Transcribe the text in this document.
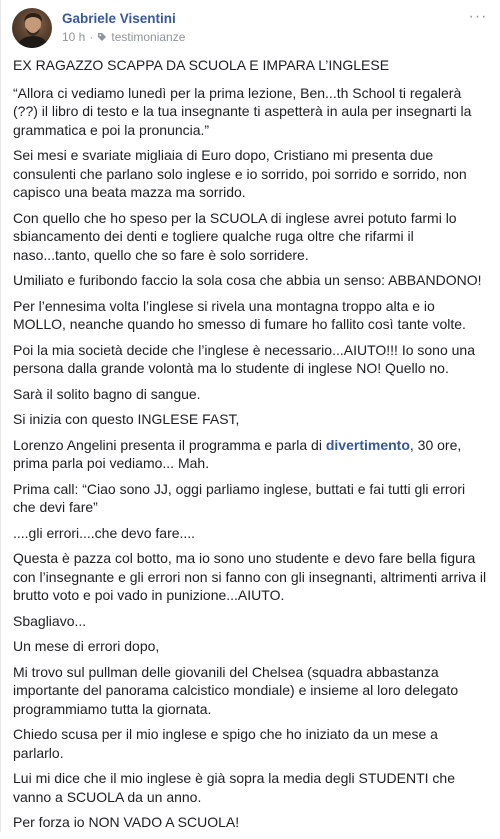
Gabriele Visentini
10 h · testimonianze
···

EX RAGAZZO SCAPPA DA SCUOLA E IMPARA L’INGLESE

“Allora ci vediamo lunedì per la prima lezione, Ben...th School ti regalerà (??) il libro di testo e la tua insegnante ti aspetterà in aula per insegnarti la grammatica e poi la pronuncia.”

Sei mesi e svariate migliaia di Euro dopo, Cristiano mi presenta due consulenti che parlano solo inglese e io sorrido, poi sorrido e sorrido, non capisco una beata mazza ma sorrido.

Con quello che ho speso per la SCUOLA di inglese avrei potuto farmi lo sbiancamento dei denti e togliere qualche ruga oltre che rifarmi il naso...tanto, quello che so fare è solo sorridere.

Umiliato e furibondo faccio la sola cosa che abbia un senso: ABBANDONO!

Per l’ennesima volta l’inglese si rivela una montagna troppo alta e io MOLLO, neanche quando ho smesso di fumare ho fallito così tante volte.

Poi la mia società decide che l’inglese è necessario...AIUTO!!! Io sono una persona dalla grande volontà ma lo studente di inglese NO! Quello no.

Sarà il solito bagno di sangue.

Si inizia con questo INGLESE FAST,

Lorenzo Angelini presenta il programma e parla di divertimento, 30 ore, prima parla poi vediamo... Mah.

Prima call: “Ciao sono JJ, oggi parliamo inglese, buttati e fai tutti gli errori che devi fare”

....gli errori....che devo fare....

Questa è pazza col botto, ma io sono uno studente e devo fare bella figura con l’insegnante e gli errori non si fanno con gli insegnanti, altrimenti arriva il brutto voto e poi vado in punizione...AIUTO.

Sbagliavo...

Un mese di errori dopo,

Mi trovo sul pullman delle giovanili del Chelsea (squadra abbastanza importante del panorama calcistico mondiale) e insieme al loro delegato programmiamo tutta la giornata.

Chiedo scusa per il mio inglese e spigo che ho iniziato da un mese a parlarlo.

Lui mi dice che il mio inglese è già sopra la media degli STUDENTI che vanno a SCUOLA da un anno.

Per forza io NON VADO A SCUOLA!
